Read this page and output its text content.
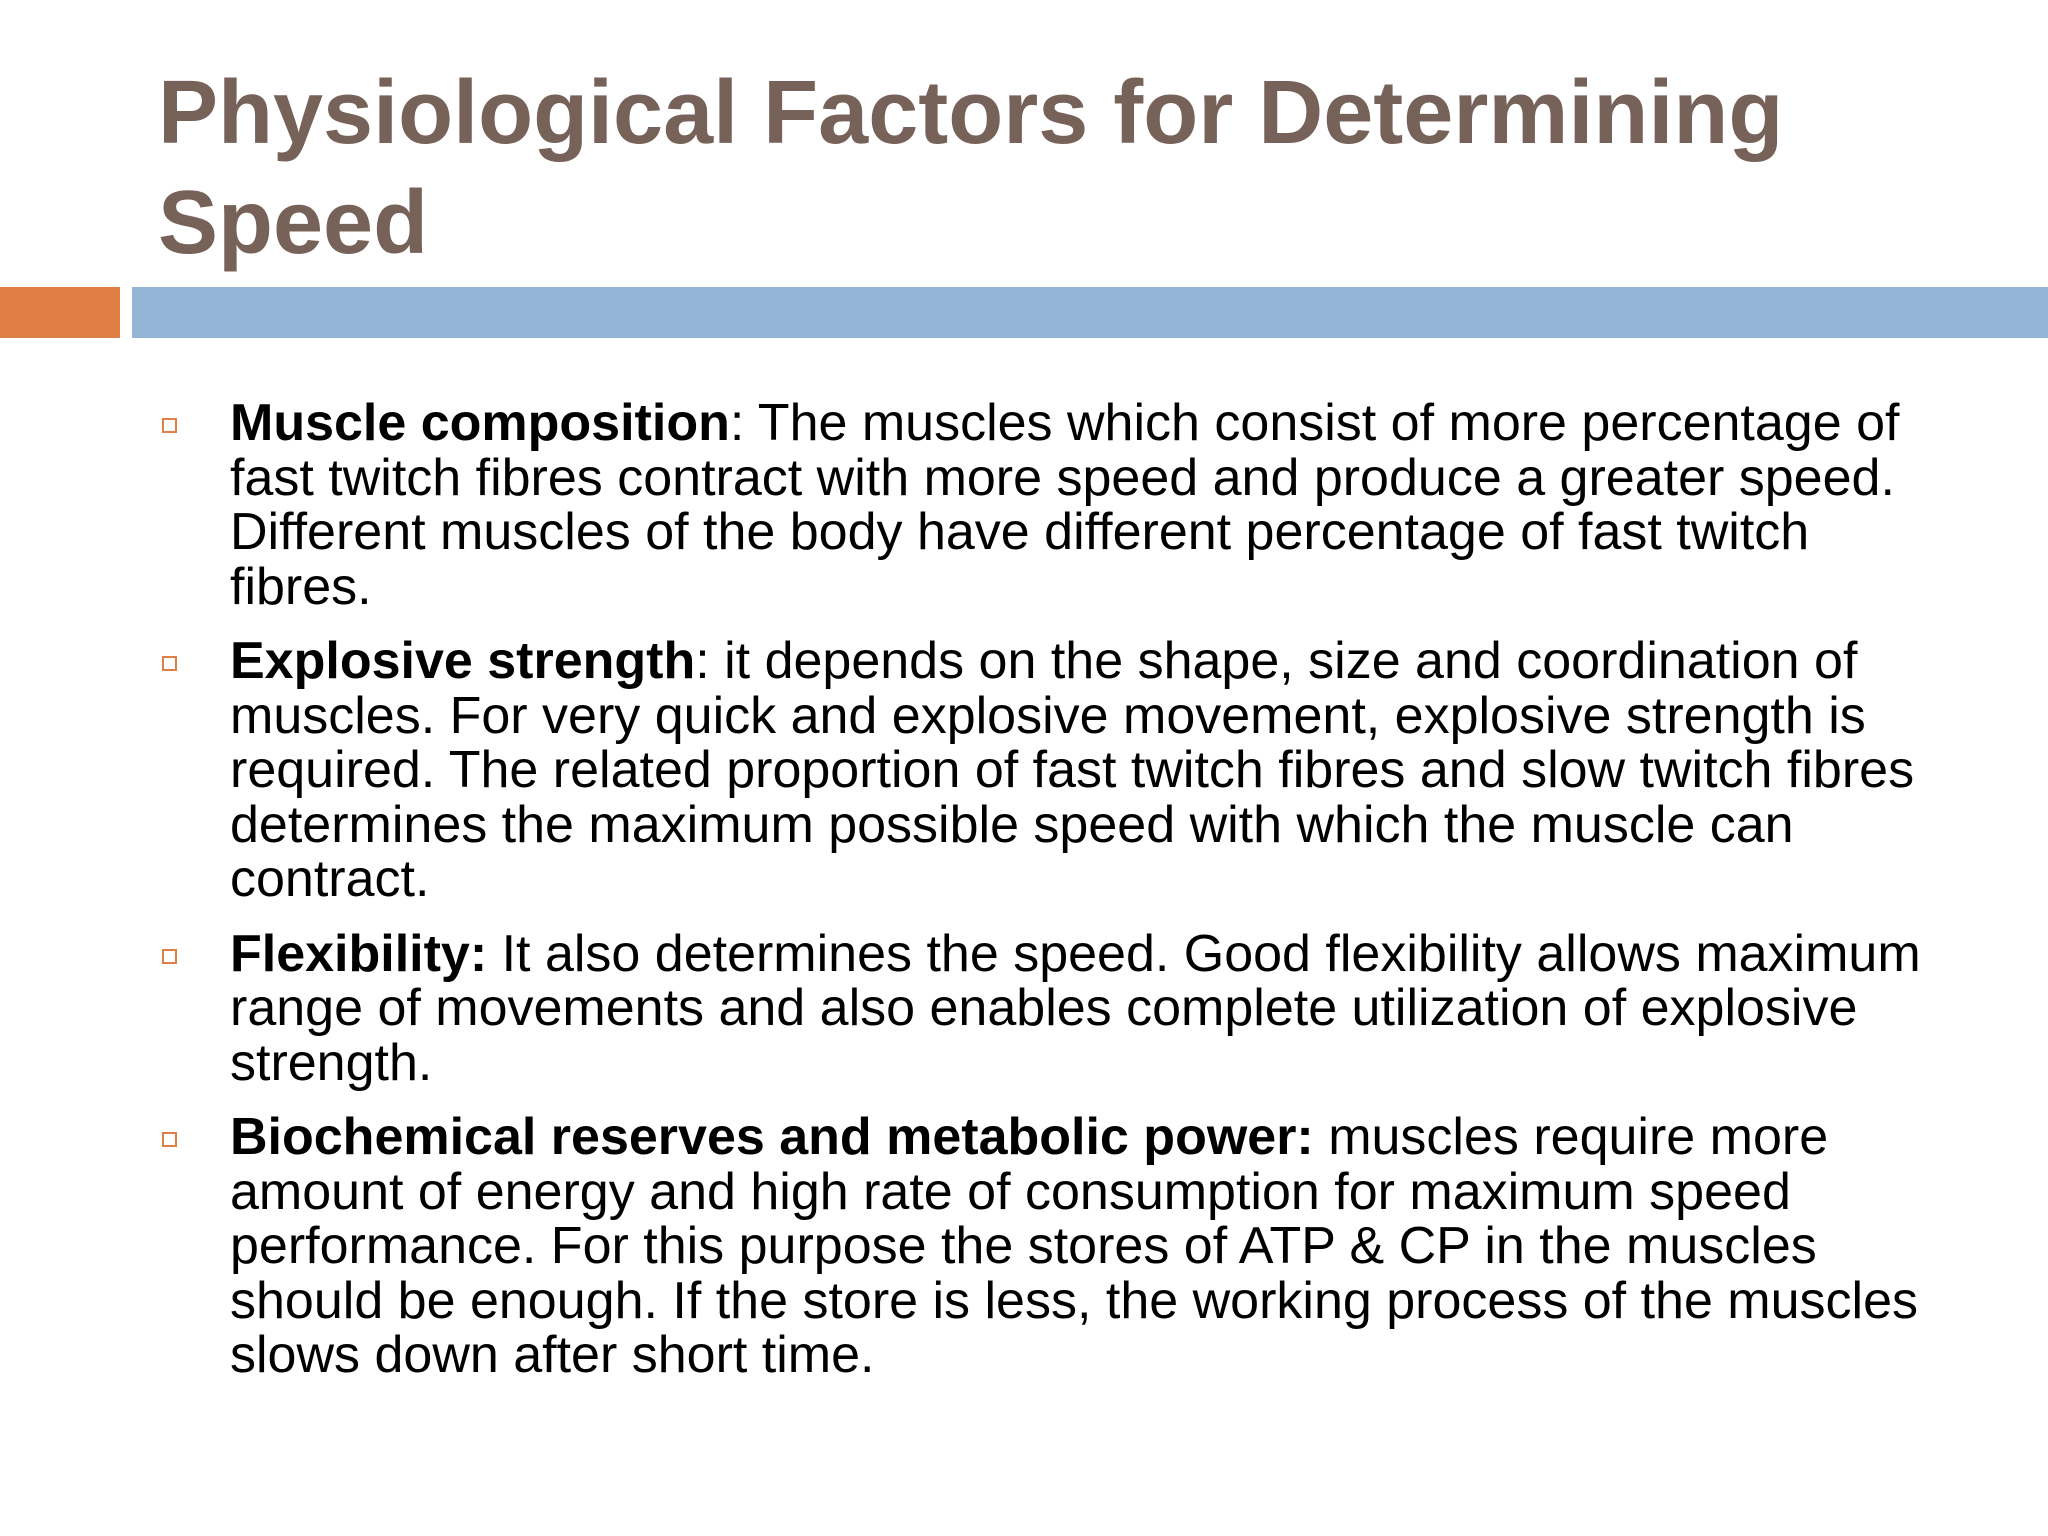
Physiological Factors for Determining Speed
Muscle composition: The muscles which consist of more percentage of fast twitch fibres contract with more speed and produce a greater speed. Different muscles of the body have different percentage of fast twitch fibres.
Explosive strength: it depends on the shape, size and coordination of muscles. For very quick and explosive movement, explosive strength is required. The related proportion of fast twitch fibres and slow twitch fibres determines the maximum possible speed with which the muscle can contract.
Flexibility: It also determines the speed. Good flexibility allows maximum range of movements and also enables complete utilization of explosive strength.
Biochemical reserves and metabolic power: muscles require more amount of energy and high rate of consumption for maximum speed performance. For this purpose the stores of ATP & CP in the muscles should be enough. If the store is less, the working process of the muscles slows down after short time.
